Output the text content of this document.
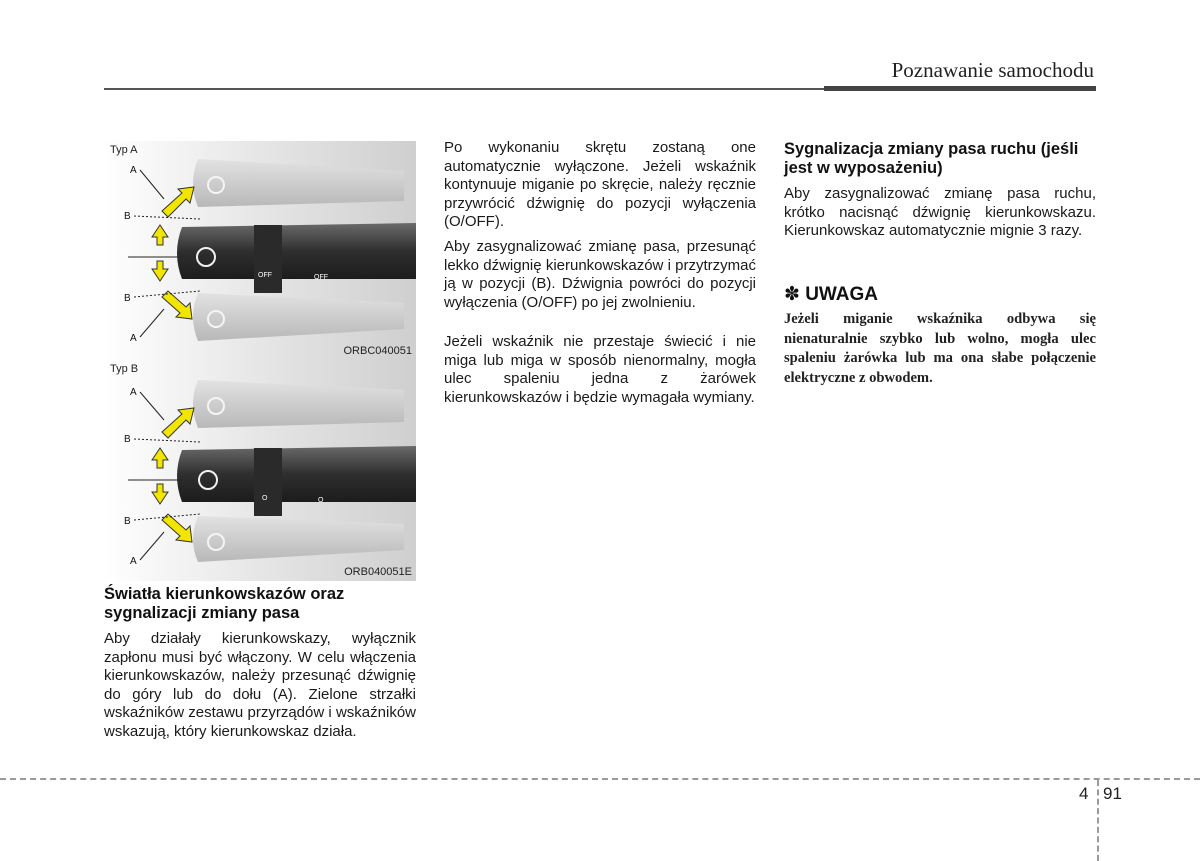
Poznawanie samochodu
OFF	OFF
A
B
B
A
Typ A
ORBC040051
O	O
A
B
B
A
Typ B
ORB040051E
Światła kierunkowskazów oraz sygnalizacji zmiany pasa

Aby działały kierunkowskazy, wyłącznik zapłonu musi być włączony. W celu włączenia kierunkowskazów, należy przesunąć dźwignię do góry lub do dołu (A). Zielone strzałki wskaźników zestawu przyrządów i wskaźników wskazują, który kierunkowskaz działa.

Po wykonaniu skrętu zostaną one automatycznie wyłączone. Jeżeli wskaźnik kontynuuje miganie po skręcie, należy ręcznie przywrócić dźwignię do pozycji wyłączenia (O/OFF).

Aby zasygnalizować zmianę pasa, przesunąć lekko dźwignię kierunkowskazów i przytrzymać ją w pozycji (B). Dźwignia powróci do pozycji wyłączenia (O/OFF) po jej zwolnieniu.

Jeżeli wskaźnik nie przestaje świecić i nie miga lub miga w sposób nienormalny, mogła ulec spaleniu jedna z żarówek kierunkowskazów i będzie wymagała wymiany.

Sygnalizacja zmiany pasa ruchu (jeśli jest w wyposażeniu)

Aby zasygnalizować zmianę pasa ruchu, krótko nacisnąć dźwignię kierunkowskazu. Kierunkowskaz automatycznie mignie 3 razy.

✽ UWAGA

Jeżeli miganie wskaźnika odbywa się nienaturalnie szybko lub wolno, mogła ulec spaleniu żarówka lub ma ona słabe połączenie elektryczne z obwodem.

4 91
